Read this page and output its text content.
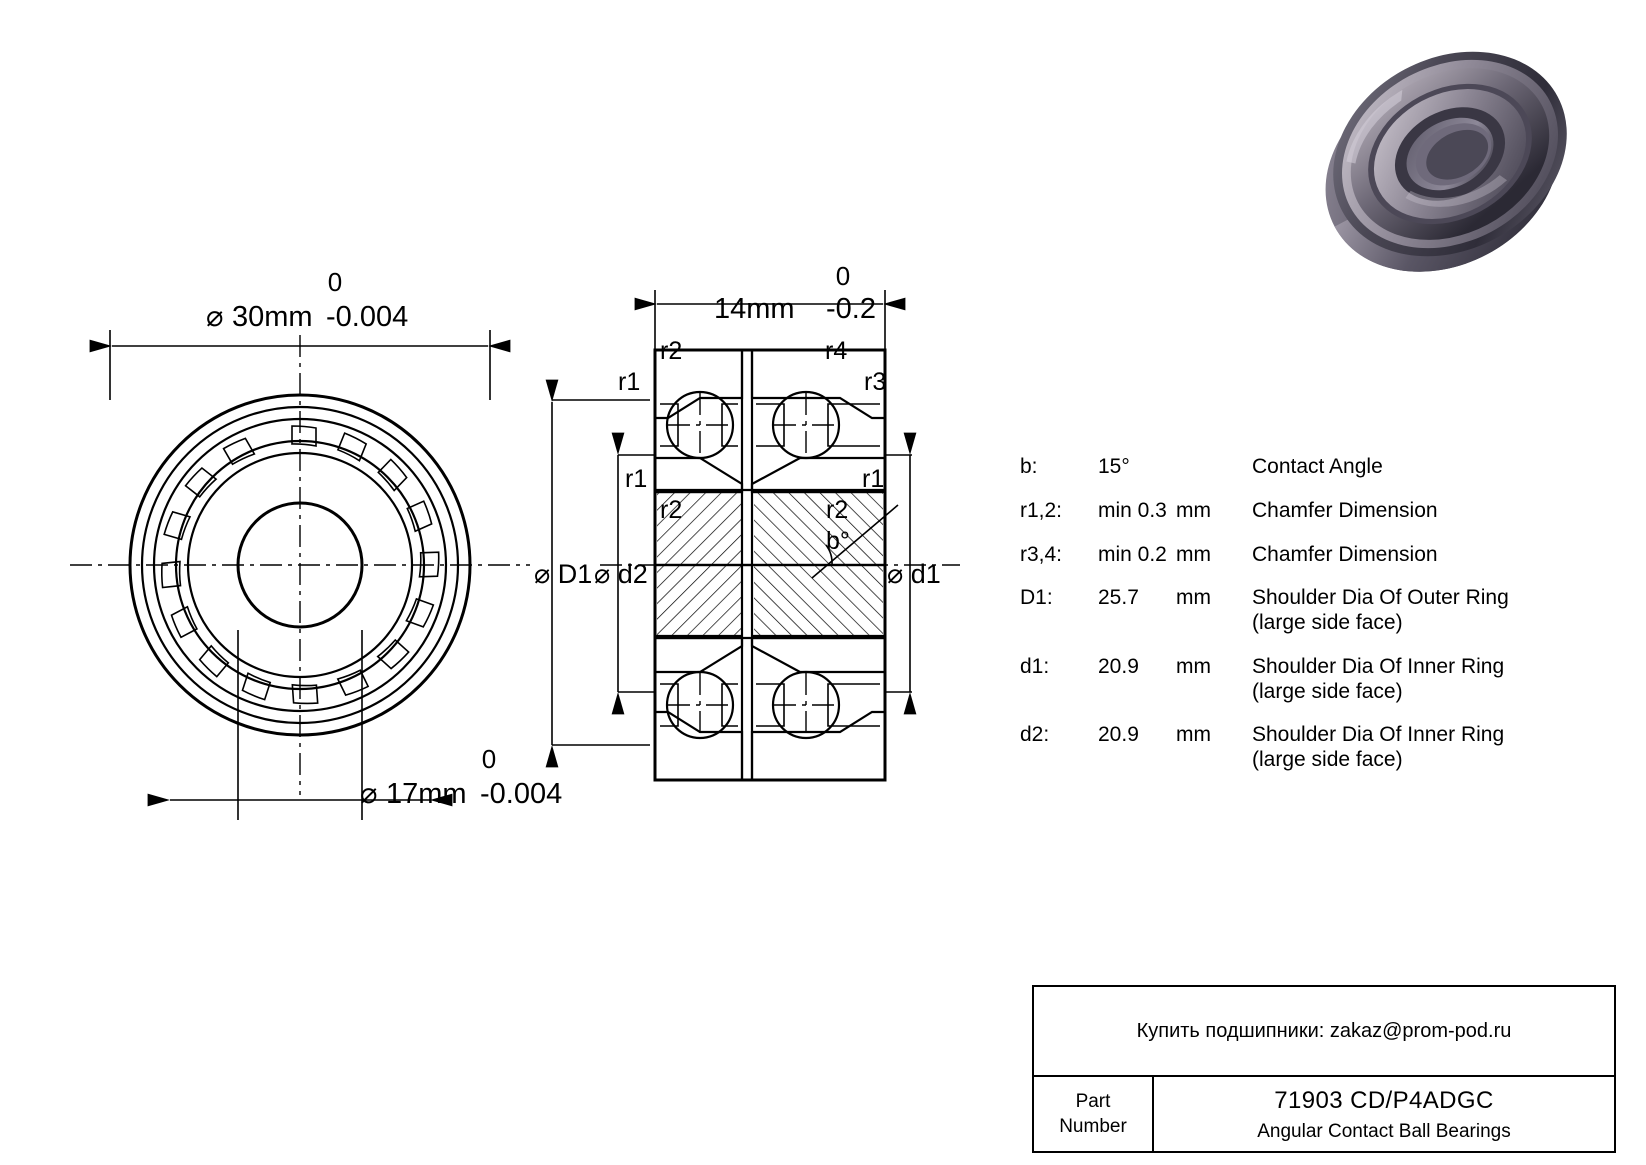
0
⌀ 30mm -0.004
0
⌀ 17mm -0.004
0
14mm -0.2
r2
r1
r4
r3
r1
r2
r1
r2
b°
⌀ D1 ⌀ d2	⌀ d1
b:	15°		Contact Angle
r1,2:	min 0.3	mm	Chamfer Dimension
r3,4:	min 0.2	mm	Chamfer Dimension
D1:	25.7	mm	Shoulder Dia Of Outer Ring
(large side face)

d1:	20.9	mm	Shoulder Dia Of Inner Ring
(large side face)

d2:	20.9	mm	Shoulder Dia Of Inner Ring
(large side face)
Купить подшипники: zakaz@prom-pod.ru
Part
Number
71903 CD/P4ADGC
Angular Contact Ball Bearings
